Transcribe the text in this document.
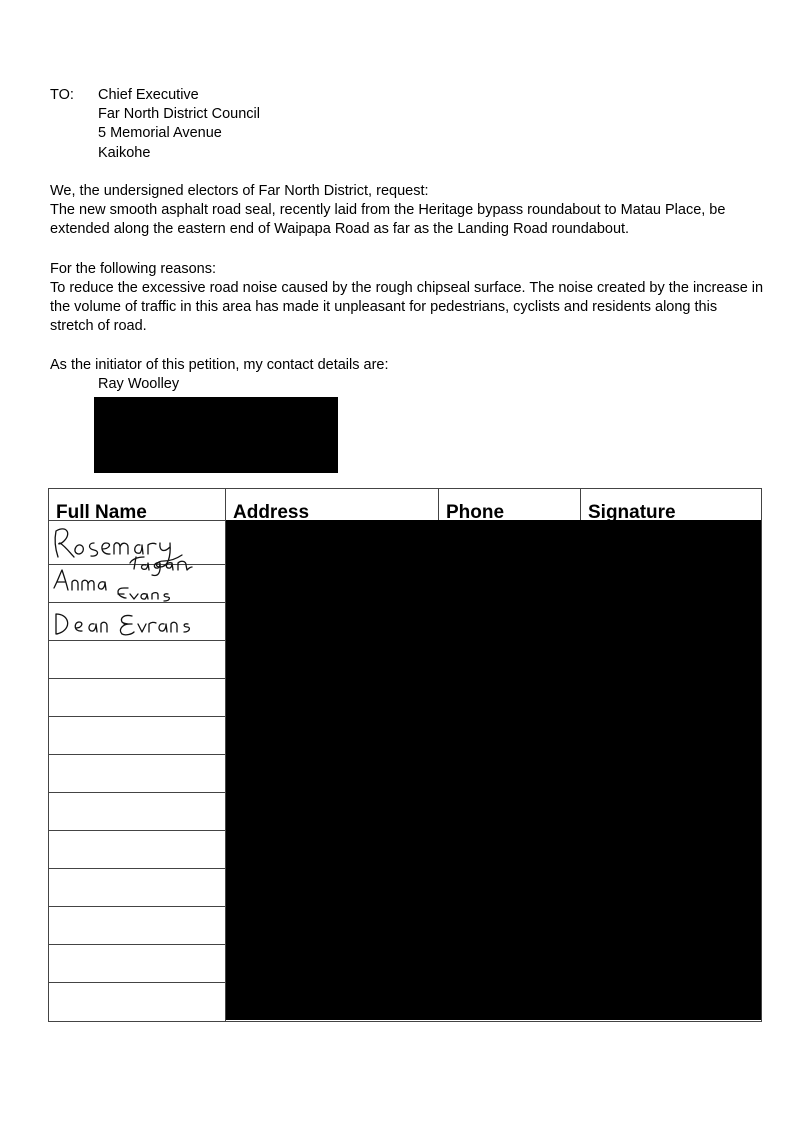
TO: Chief Executive
Far North District Council
5 Memorial Avenue
Kaikohe
We, the undersigned electors of Far North District, request:
The new smooth asphalt road seal, recently laid from the Heritage bypass roundabout to Matau Place, be
extended along the eastern end of Waipapa Road as far as the Landing Road roundabout.
For the following reasons:
To reduce the excessive road noise caused by the rough chipseal surface. The noise created by the increase in
the volume of traffic in this area has made it unpleasant for pedestrians, cyclists and residents along this
stretch of road.
As the initiator of this petition, my contact details are:
Ray Woolley
Full Name	Address	Phone	Signature
